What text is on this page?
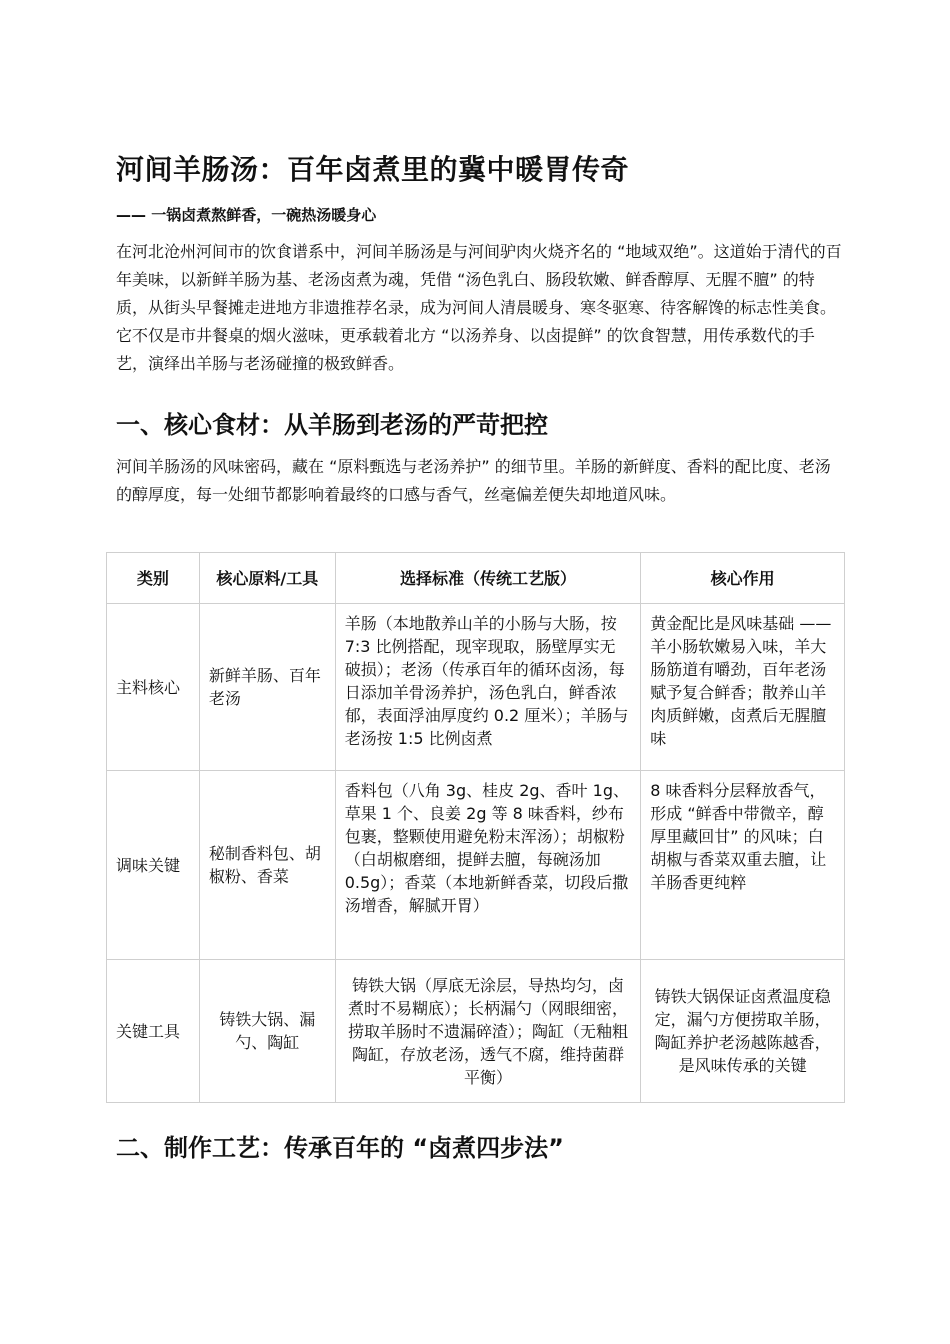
河间羊肠汤：百年卤煮里的冀中暖胃传奇
—— 一锅卤煮熬鲜香，一碗热汤暖身心
在河北沧州河间市的饮食谱系中，河间羊肠汤是与河间驴肉火烧齐名的 “地域双绝”。这道始于清代的百年美味，以新鲜羊肠为基、老汤卤煮为魂，凭借 “汤色乳白、肠段软嫩、鲜香醇厚、无腥不膻” 的特质，从街头早餐摊走进地方非遗推荐名录，成为河间人清晨暖身、寒冬驱寒、待客解馋的标志性美食。它不仅是市井餐桌的烟火滋味，更承载着北方 “以汤养身、以卤提鲜” 的饮食智慧，用传承数代的手艺，演绎出羊肠与老汤碰撞的极致鲜香。
一、核心食材：从羊肠到老汤的严苛把控
河间羊肠汤的风味密码，藏在 “原料甄选与老汤养护” 的细节里。羊肠的新鲜度、香料的配比度、老汤的醇厚度，每一处细节都影响着最终的口感与香气，丝毫偏差便失却地道风味。
类别	核心原料/工具	选择标准（传统工艺版）	核心作用
主料核心	新鲜羊肠、百年老汤	羊肠（本地散养山羊的小肠与大肠，按 7:3 比例搭配，现宰现取，肠壁厚实无破损）；老汤（传承百年的循环卤汤，每日添加羊骨汤养护，汤色乳白，鲜香浓郁，表面浮油厚度约 0.2 厘米）；羊肠与老汤按 1:5 比例卤煮	黄金配比是风味基础 —— 羊小肠软嫩易入味，羊大肠筋道有嚼劲，百年老汤赋予复合鲜香；散养山羊肉质鲜嫩，卤煮后无腥膻味
调味关键	秘制香料包、胡椒粉、香菜	香料包（八角 3g、桂皮 2g、香叶 1g、草果 1 个、良姜 2g 等 8 味香料，纱布包裹，整颗使用避免粉末浑汤）；胡椒粉（白胡椒磨细，提鲜去膻，每碗汤加 0.5g）；香菜（本地新鲜香菜，切段后撒汤增香，解腻开胃）	8 味香料分层释放香气，形成 “鲜香中带微辛，醇厚里藏回甘” 的风味；白胡椒与香菜双重去膻，让羊肠香更纯粹
关键工具	铸铁大锅、漏勺、陶缸	铸铁大锅（厚底无涂层，导热均匀，卤煮时不易糊底）；长柄漏勺（网眼细密，捞取羊肠时不遗漏碎渣）；陶缸（无釉粗陶缸，存放老汤，透气不腐，维持菌群平衡）	铸铁大锅保证卤煮温度稳定，漏勺方便捞取羊肠，陶缸养护老汤越陈越香，是风味传承的关键
二、制作工艺：传承百年的 “卤煮四步法”
